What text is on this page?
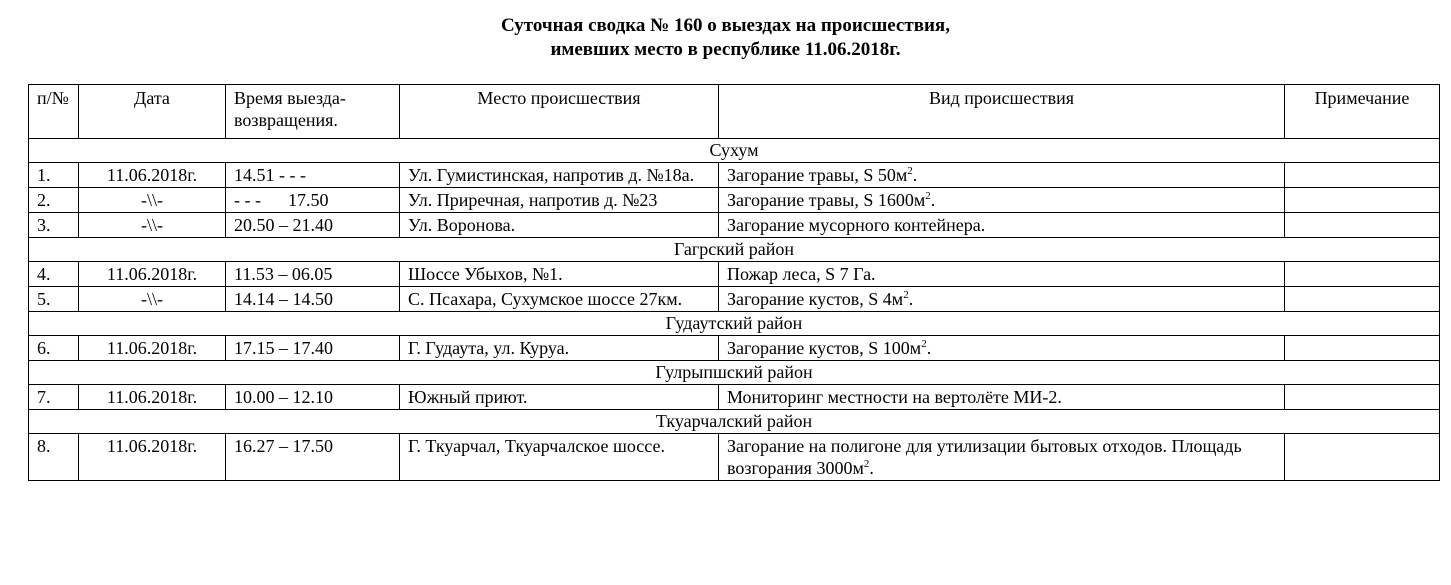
Суточная сводка № 160 о выездах на происшествия,
имевших место в республике 11.06.2018г.
п/№	Дата	Время выезда-возвращения.	Место происшествия	Вид происшествия	Примечание
Сухум					
1.	11.06.2018г.	14.51 - - -	Ул. Гумистинская, напротив д. №18а.	Загорание травы, S $50м^2$.	
2.	-\\-	- - -      17.50	Ул. Приречная, напротив д. №23	Загорание травы, S $1600м^2$.	
3.	-\\-	20.50 – 21.40	Ул. Воронова.	Загорание мусорного контейнера.	
Гагрский район					
4.	11.06.2018г.	11.53 – 06.05	Шоссе Убыхов, №1.	Пожар леса, S 7 Га.	
5.	-\\-	14.14 – 14.50	С. Псахара, Сухумское шоссе 27км.	Загорание кустов, S $4м^2$.	
Гудаутский район					
6.	11.06.2018г.	17.15 – 17.40	Г. Гудаута, ул. Куруа.	Загорание кустов, S $100м^2$.	
Гулрыпшский район					
7.	11.06.2018г.	10.00 – 12.10	Южный приют.	Мониторинг местности на вертолёте МИ-2.	
Ткуарчалский район					
8.	11.06.2018г.	16.27 – 17.50	Г. Ткуарчал, Ткуарчалское шоссе.	Загорание на полигоне для утилизации бытовых отходов. Площадь возгорания $3000м^2$.	
